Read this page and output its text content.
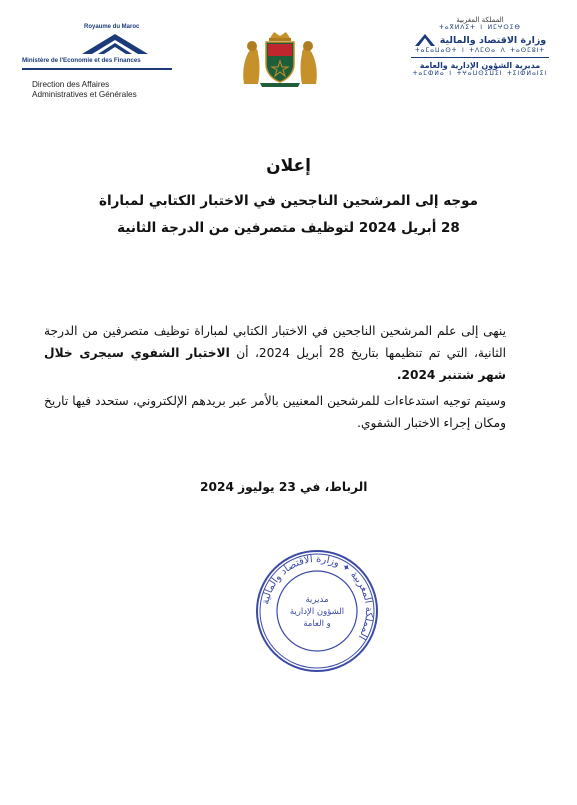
Royaume du Maroc
Ministère de l'Economie et des Finances
Direction des Affaires
Administratives et Générales
المملكة المغربية
ⵜⴰⴳⵍⴷⵉⵜ ⵏ ⵍⵎⵖⵔⵉⴱ
وزارة الاقتصاد والمالية
ⵜⴰⵎⴰⵡⴰⵙⵜ ⵏ ⵜⴷⵎⵙⴰ ⴷ ⵜⴰⵙⵎⵓⵏⵜ
مديرية الشؤون الإدارية والعامة
ⵜⴰⵎⵀⵍⴰ ⵏ ⵜⵖⴰⵡⵙⵉⵡⵉⵏ ⵜⵉⵏⵀⵍⴰⵏⵉⵏ
إعلان
موجه إلى المرشحين الناجحين في الاختبار الكتابي لمباراة
28 أبريل 2024 لتوظيف متصرفين من الدرجة الثانية

ينهى إلى علم المرشحين الناجحين في الاختبار الكتابي لمباراة توظيف متصرفين من الدرجة الثانية، التي تم تنظيمها بتاريخ 28 أبريل 2024، أن الاختبار الشفوي سيجرى خلال شهر شتنبر 2024.

وسيتم توجيه استدعاءات للمرشحين المعنيين بالأمر عبر بريدهم الإلكتروني، ستحدد فيها تاريخ ومكان إجراء الاختبار الشفوي.

الرباط، في 23 يوليوز 2024
المملكة المغربية ✦ وزارة الاقتصاد والمالية
مديرية
الشؤون الإدارية
و العامة
